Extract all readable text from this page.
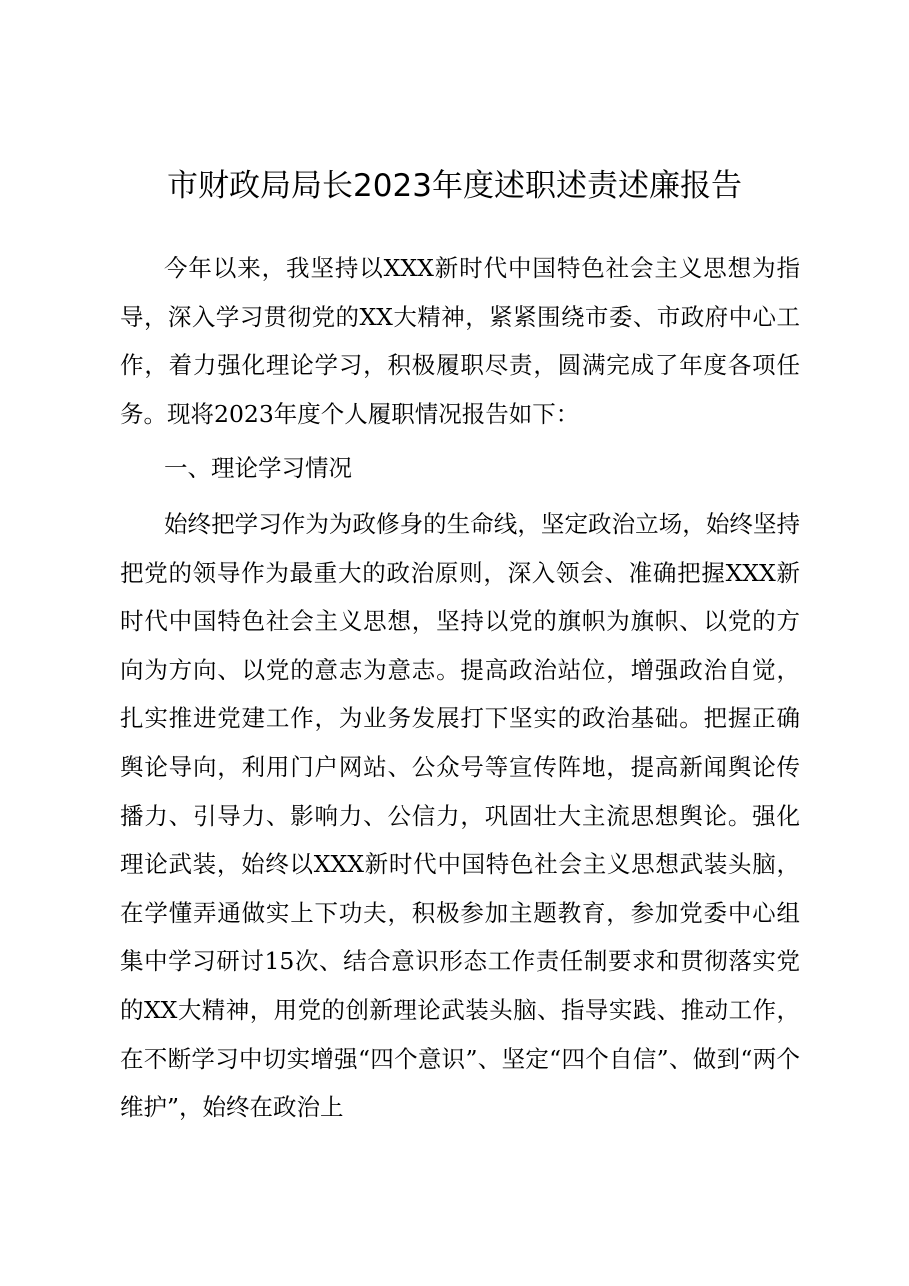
市财政局局长2023年度述职述责述廉报告

今年以来，我坚持以XXX新时代中国特色社会主义思想为指导，深入学习贯彻党的XX大精神，紧紧围绕市委、市政府中心工作，着力强化理论学习，积极履职尽责，圆满完成了年度各项任务。现将2023年度个人履职情况报告如下：

一、理论学习情况

始终把学习作为为政修身的生命线，坚定政治立场，始终坚持把党的领导作为最重大的政治原则，深入领会、准确把握XXX新时代中国特色社会主义思想，坚持以党的旗帜为旗帜、以党的方向为方向、以党的意志为意志。提高政治站位，增强政治自觉，扎实推进党建工作，为业务发展打下坚实的政治基础。把握正确舆论导向，利用门户网站、公众号等宣传阵地，提高新闻舆论传播力、引导力、影响力、公信力，巩固壮大主流思想舆论。强化理论武装，始终以XXX新时代中国特色社会主义思想武装头脑，在学懂弄通做实上下功夫，积极参加主题教育，参加党委中心组集中学习研讨15次、结合意识形态工作责任制要求和贯彻落实党的XX大精神，用党的创新理论武装头脑、指导实践、推动工作，在不断学习中切实增强“四个意识”、坚定“四个自信”、做到“两个维护”，始终在政治上
